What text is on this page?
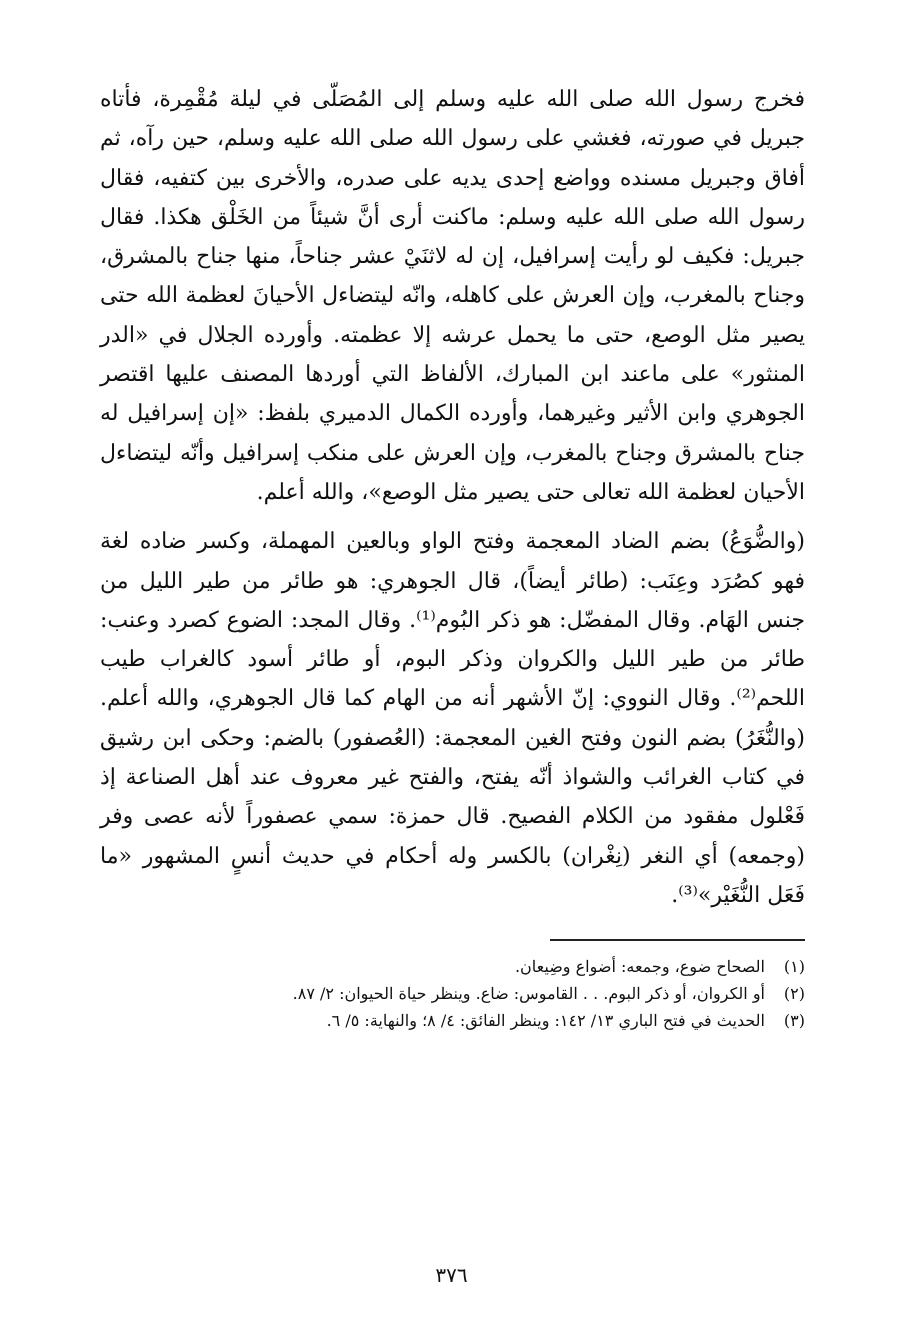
فخرج رسول الله صلى الله عليه وسلم إلى المُصَلّى في ليلة مُقْمِرة، فأتاه جبريل في صورته، فغشي على رسول الله صلى الله عليه وسلم، حين رآه، ثم أفاق وجبريل مسنده وواضع إحدى يديه على صدره، والأخرى بين كتفيه، فقال رسول الله صلى الله عليه وسلم: ماكنت أرى أنَّ شيئاً من الخَلْق هكذا. فقال جبريل: فكيف لو رأيت إسرافيل، إن له لاثنَيْ عشر جناحاً، منها جناح بالمشرق، وجناح بالمغرب، وإن العرش على كاهله، وانّه ليتضاءل الأحيانَ لعظمة الله حتى يصير مثل الوصع، حتى ما يحمل عرشه إلا عظمته. وأورده الجلال في «الدر المنثور» على ماعند ابن المبارك، الألفاظ التي أوردها المصنف عليها اقتصر الجوهري وابن الأثير وغيرهما، وأورده الكمال الدميري بلفظ: «إن إسرافيل له جناح بالمشرق وجناح بالمغرب، وإن العرش على منكب إسرافيل وأنّه ليتضاءل الأحيان لعظمة الله تعالى حتى يصير مثل الوصع»، والله أعلم.

(والضُّوَعُ) بضم الضاد المعجمة وفتح الواو وبالعين المهملة، وكسر ضاده لغة فهو كصُرَد وعِنَب: (طائر أيضاً)، قال الجوهري: هو طائر من طير الليل من جنس الهَام. وقال المفضّل: هو ذكر البُوم⁽¹⁾. وقال المجد: الضوع كصرد وعنب: طائر من طير الليل والكروان وذكر البوم، أو طائر أسود كالغراب طيب اللحم⁽²⁾. وقال النووي: إنّ الأشهر أنه من الهام كما قال الجوهري، والله أعلم. (والنُّغَرُ) بضم النون وفتح الغين المعجمة: (العُصفور) بالضم: وحكى ابن رشيق في كتاب الغرائب والشواذ أنّه يفتح، والفتح غير معروف عند أهل الصناعة إذ فَعْلول مفقود من الكلام الفصيح. قال حمزة: سمي عصفوراً لأنه عصى وفر (وجمعه) أي النغر (نِغْران) بالكسر وله أحكام في حديث أنسٍ المشهور «ما فَعَل النُّغَيْر»⁽³⁾.

(١)
الصحاح ضوع، وجمعه: أضواع وضِيعان.
(٢)
أو الكروان، أو ذكر البوم. . . القاموس: ضاع. وينظر حياة الحيوان: ٢/ ٨٧.
(٣)
الحديث في فتح الباري ١٣/ ١٤٢: وينظر الفائق: ٤/ ٨؛ والنهاية: ٥/ ٦.
٣٧٦
